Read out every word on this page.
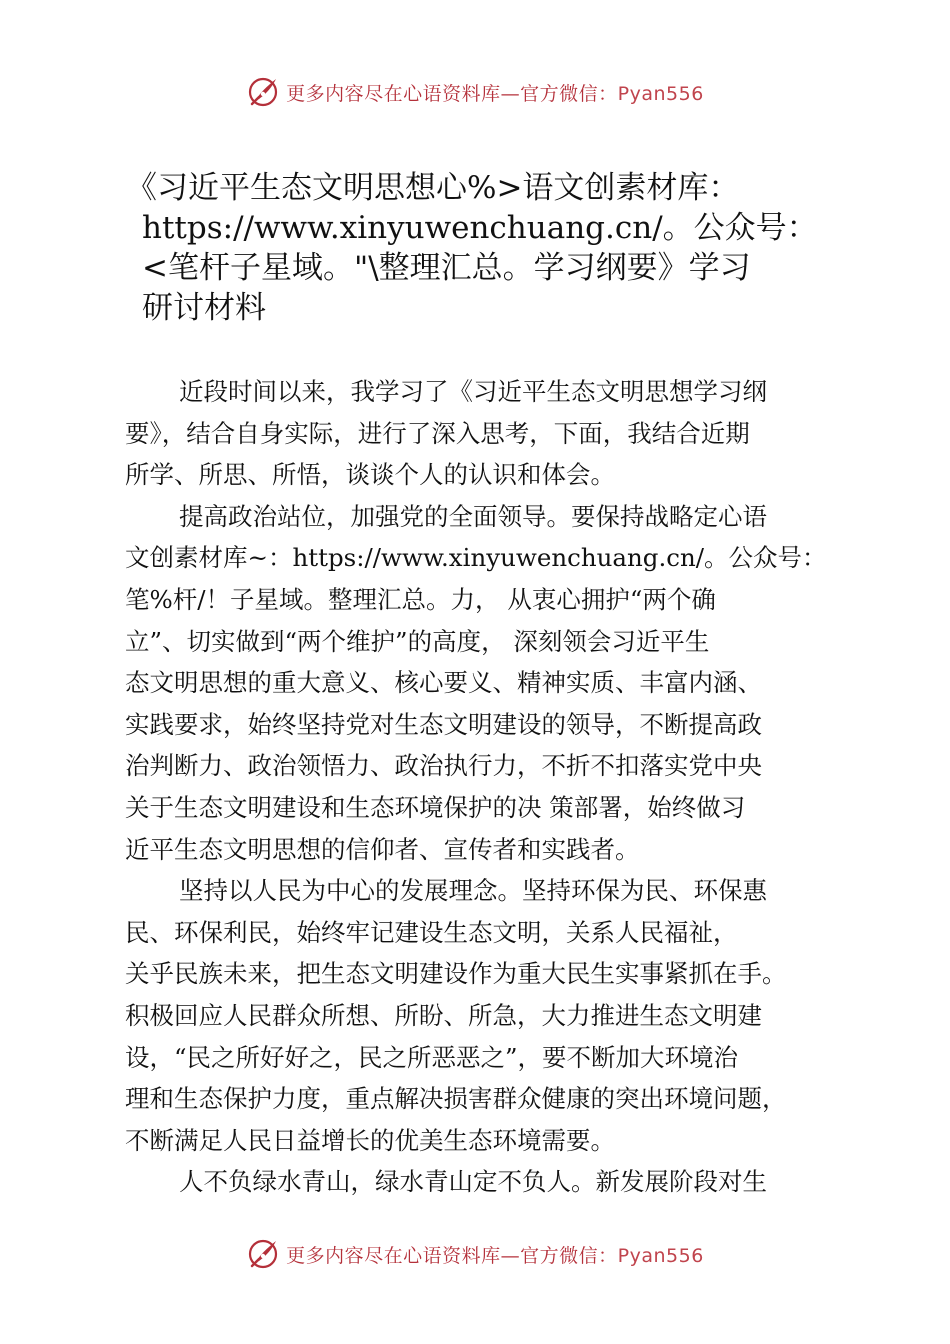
更多内容尽在心语资料库—官方微信：Pyan556
《习近平生态文明思想心%>语文创素材库：
https://www.xinyuwenchuang.cn/。公众号：
<笔杆子星域。"\整理汇总。学习纲要》学习
研讨材料
近段时间以来，我学习了《习近平生态文明思想学习纲
要》，结合自身实际，进行了深入思考，下面，我结合近期
所学、所思、所悟，谈谈个人的认识和体会。
提高政治站位，加强党的全面领导。要保持战略定心语
文创素材库~：https://www.xinyuwenchuang.cn/。公众号：
笔%杆/！子星域。整理汇总。力， 从衷心拥护“两个确
立”、切实做到“两个维护”的高度， 深刻领会习近平生
态文明思想的重大意义、核心要义、精神实质、丰富内涵、
实践要求，始终坚持党对生态文明建设的领导，不断提高政
治判断力、政治领悟力、政治执行力，不折不扣落实党中央
关于生态文明建设和生态环境保护的决 策部署，始终做习
近平生态文明思想的信仰者、宣传者和实践者。
坚持以人民为中心的发展理念。坚持环保为民、环保惠
民、环保利民，始终牢记建设生态文明，关系人民福祉，
关乎民族未来，把生态文明建设作为重大民生实事紧抓在手。
积极回应人民群众所想、所盼、所急，大力推进生态文明建
设，“民之所好好之，民之所恶恶之”，要不断加大环境治
理和生态保护力度，重点解决损害群众健康的突出环境问题，
不断满足人民日益增长的优美生态环境需要。
人不负绿水青山，绿水青山定不负人。新发展阶段对生
更多内容尽在心语资料库—官方微信：Pyan556
